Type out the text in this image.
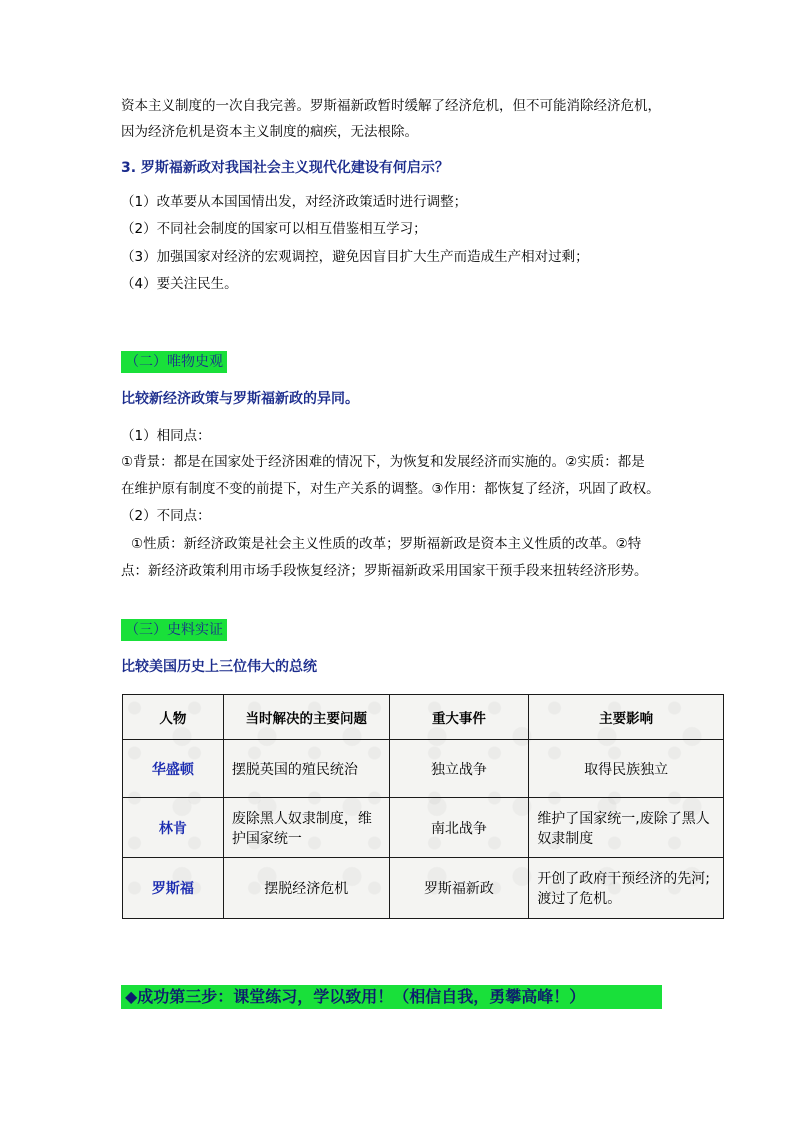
资本主义制度的一次自我完善。罗斯福新政暂时缓解了经济危机，但不可能消除经济危机，

因为经济危机是资本主义制度的痼疾，无法根除。

3. 罗斯福新政对我国社会主义现代化建设有何启示？

（1）改革要从本国国情出发，对经济政策适时进行调整；

（2）不同社会制度的国家可以相互借鉴相互学习；

（3）加强国家对经济的宏观调控，避免因盲目扩大生产而造成生产相对过剩；

（4）要关注民生。

（二）唯物史观

比较新经济政策与罗斯福新政的异同。

（1）相同点：

①背景：都是在国家处于经济困难的情况下，为恢复和发展经济而实施的。②实质：都是

在维护原有制度不变的前提下，对生产关系的调整。③作用：都恢复了经济，巩固了政权。

（2）不同点：

①性质：新经济政策是社会主义性质的改革；罗斯福新政是资本主义性质的改革。②特

点：新经济政策利用市场手段恢复经济；罗斯福新政采用国家干预手段来扭转经济形势。

（三）史料实证

比较美国历史上三位伟大的总统

人物	当时解决的主要问题	重大事件	主要影响
华盛顿	摆脱英国的殖民统治	独立战争	取得民族独立
林肯	废除黑人奴隶制度，维护国家统一	南北战争	维护了国家统一,废除了黑人奴隶制度
罗斯福	摆脱经济危机	罗斯福新政	开创了政府干预经济的先河;渡过了危机。
◆成功第三步：课堂练习，学以致用！（相信自我，勇攀高峰！）
